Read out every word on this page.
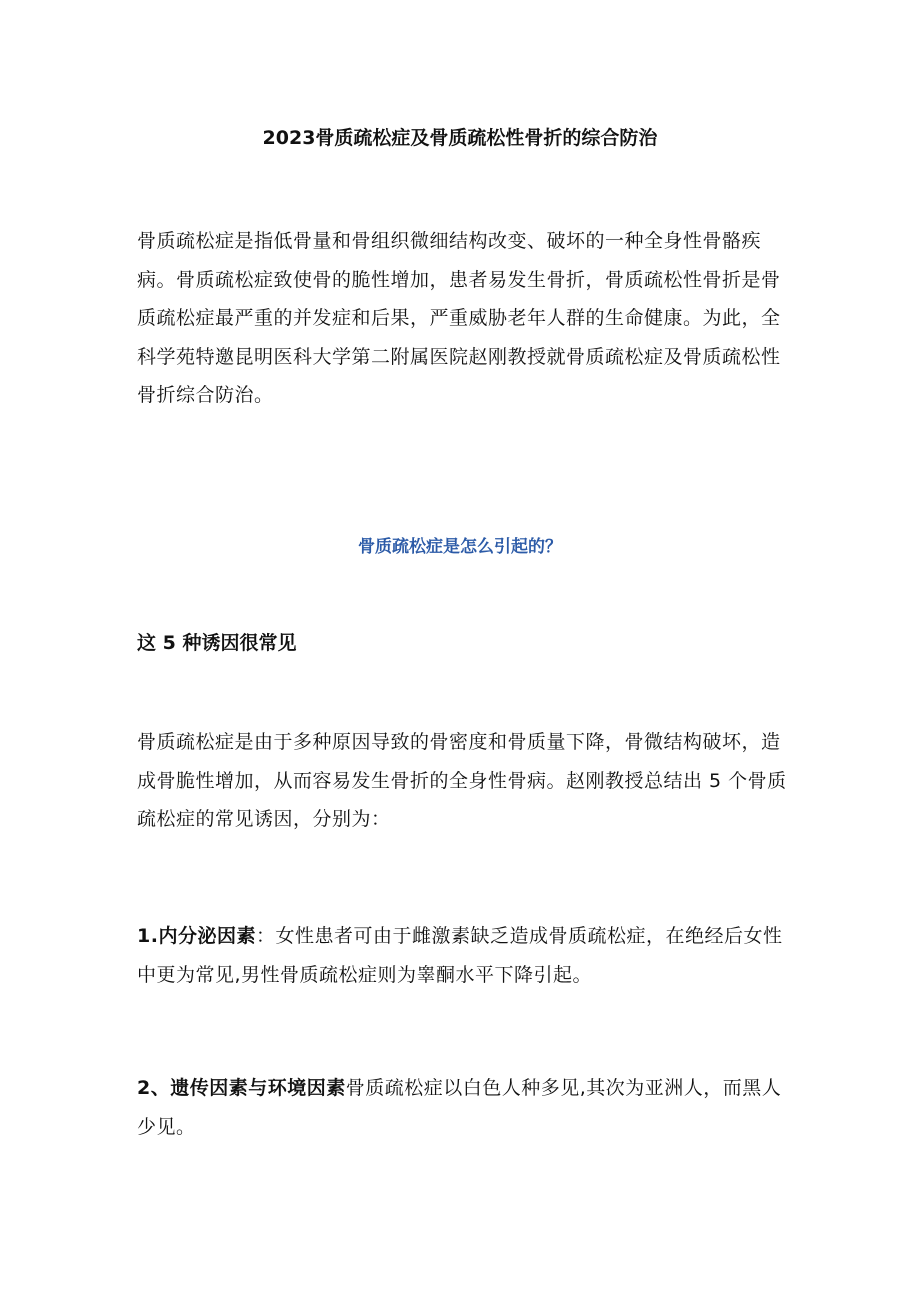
2023骨质疏松症及骨质疏松性骨折的综合防治
骨质疏松症是指低骨量和骨组织微细结构改变、破坏的一种全身性骨骼疾病。骨质疏松症致使骨的脆性增加，患者易发生骨折，骨质疏松性骨折是骨质疏松症最严重的并发症和后果，严重威胁老年人群的生命健康。为此，全科学苑特邀昆明医科大学第二附属医院赵刚教授就骨质疏松症及骨质疏松性骨折综合防治。
骨质疏松症是怎么引起的？
这 5 种诱因很常见
骨质疏松症是由于多种原因导致的骨密度和骨质量下降，骨微结构破坏，造成骨脆性增加，从而容易发生骨折的全身性骨病。赵刚教授总结出 5 个骨质疏松症的常见诱因，分别为：
1.内分泌因素：女性患者可由于雌激素缺乏造成骨质疏松症，在绝经后女性中更为常见,男性骨质疏松症则为睾酮水平下降引起。
2、遗传因素与环境因素骨质疏松症以白色人种多见,其次为亚洲人，而黑人少见。
